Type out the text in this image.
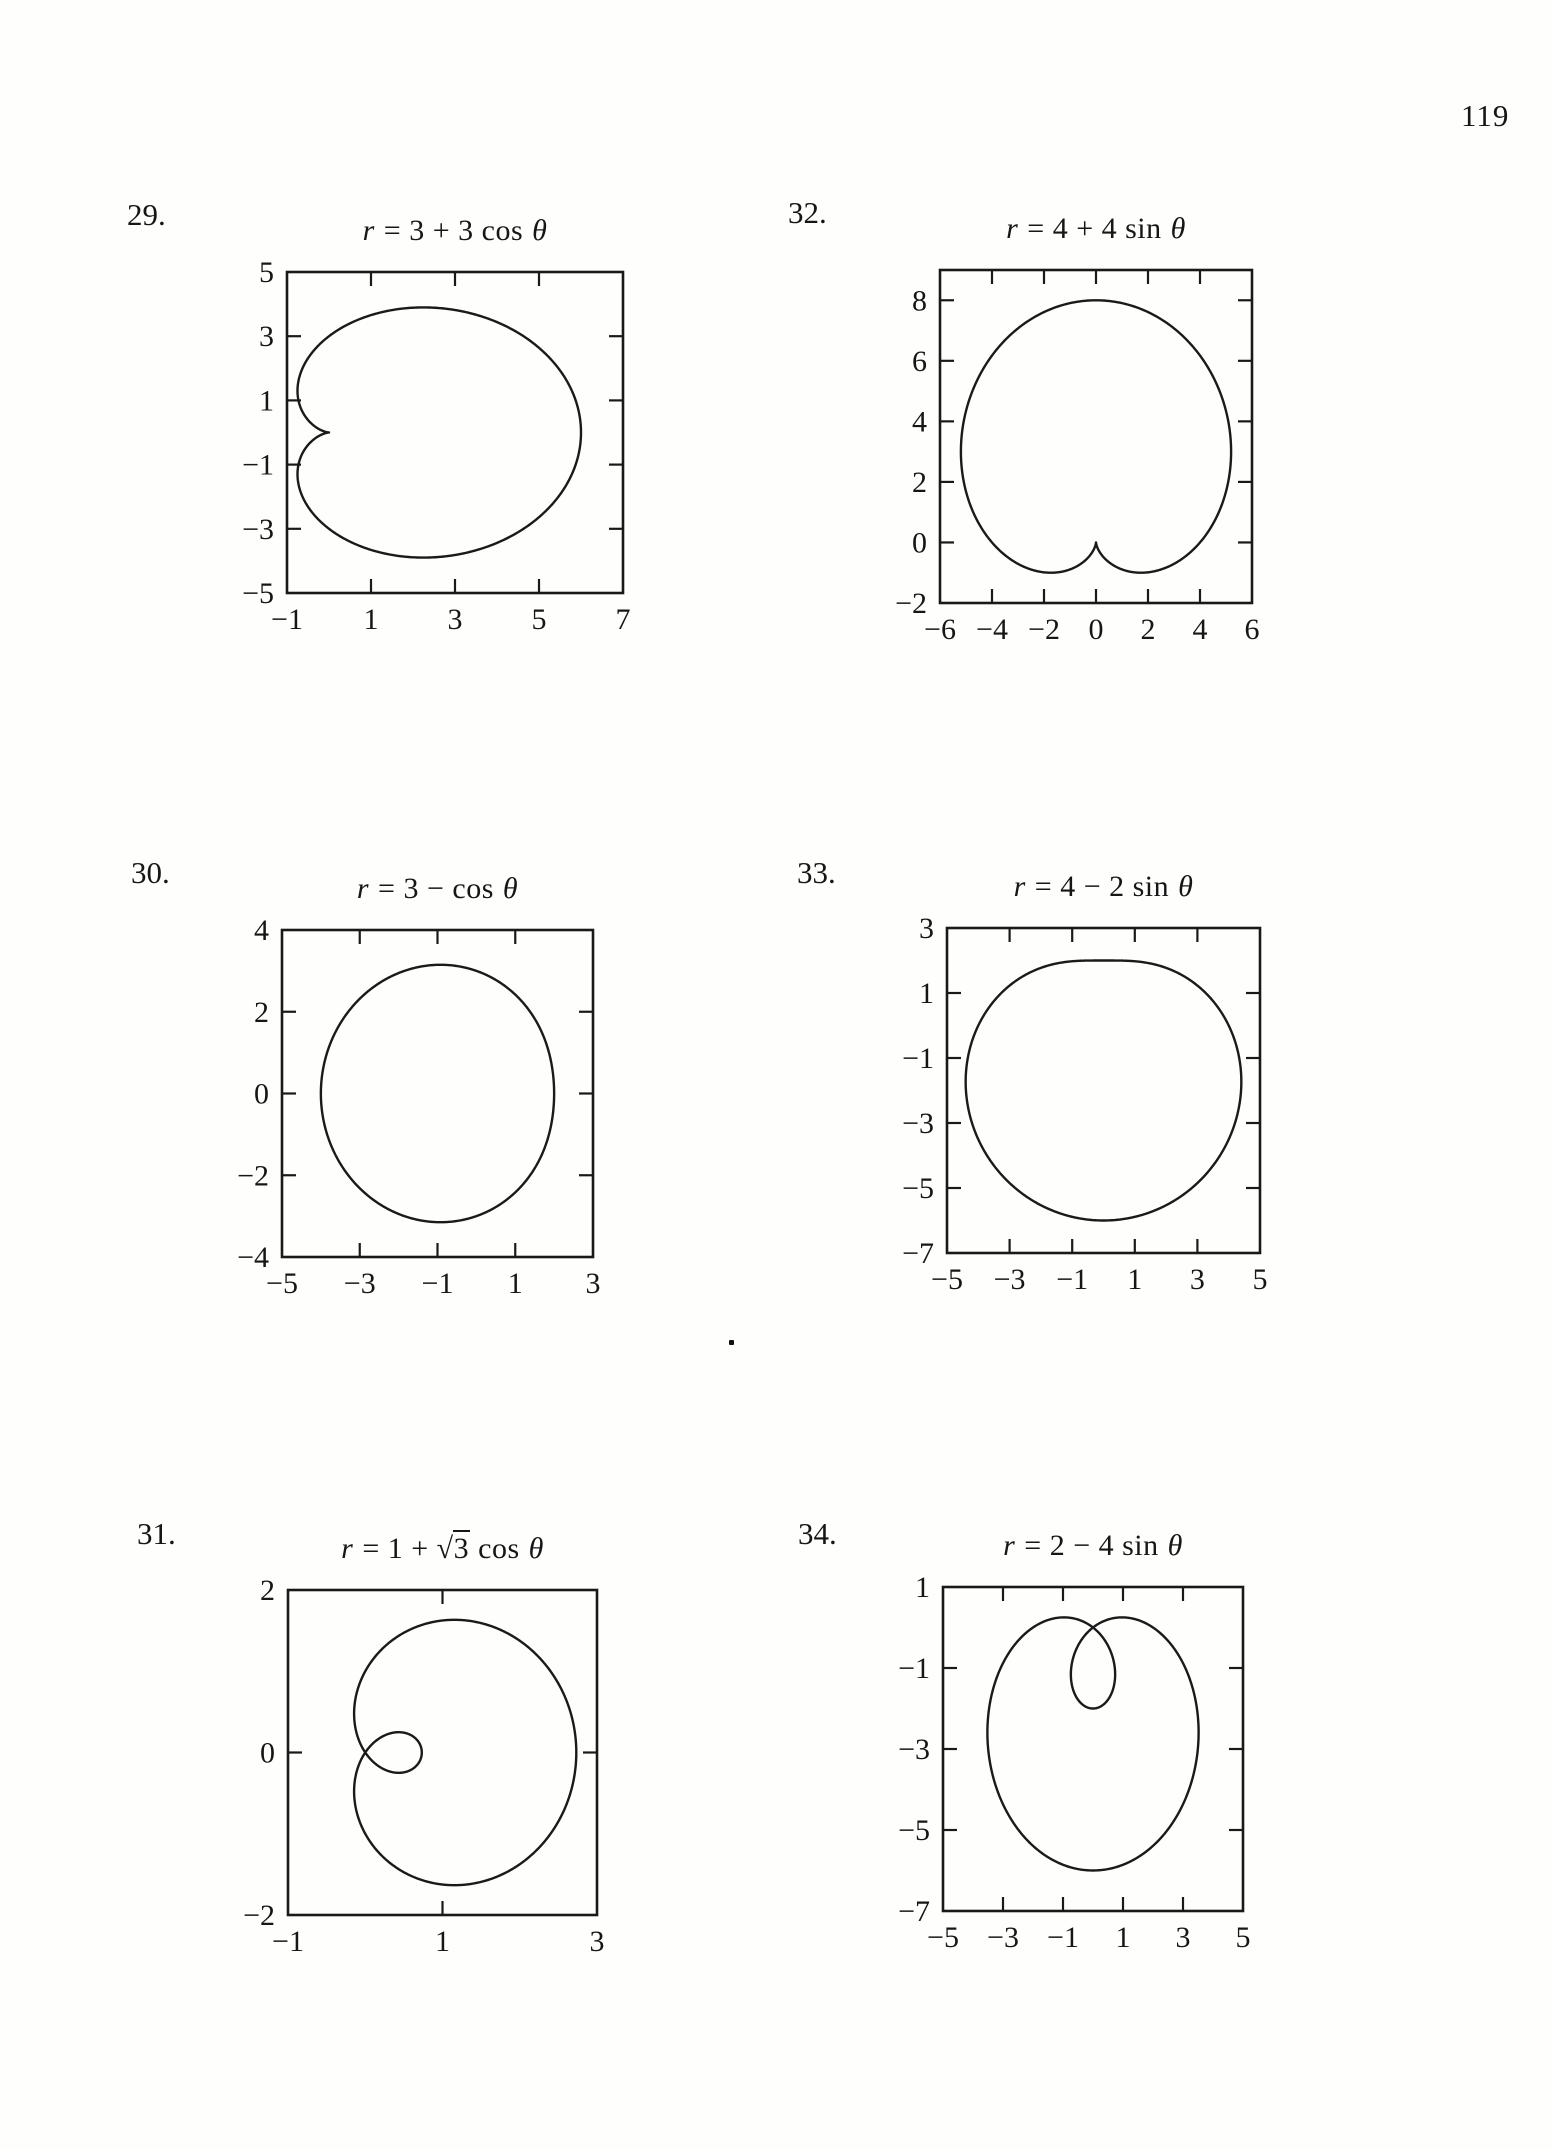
119
29.	32.
30.	33.
31.	34.
r = 3 + 3 cos θ
−1 1 3 5 7
5
3
1
−1
−3
−5
r = 4 + 4 sin θ
−6 −4 −2 0 2 4 6
8
6
4
2
0
−2
r = 3 − cos θ
−5 −3 −1 1 3
4
2
0
−2
−4
r = 4 − 2 sin θ
−5 −3 −1 1 3 5
3
1
−1
−3
−5
−7
r = 1 + √3 cos θ
−1	1	3
2
0
−2
r = 2 − 4 sin θ
−5 −3 −1 1 3 5
1
−1
−3
−5
−7
